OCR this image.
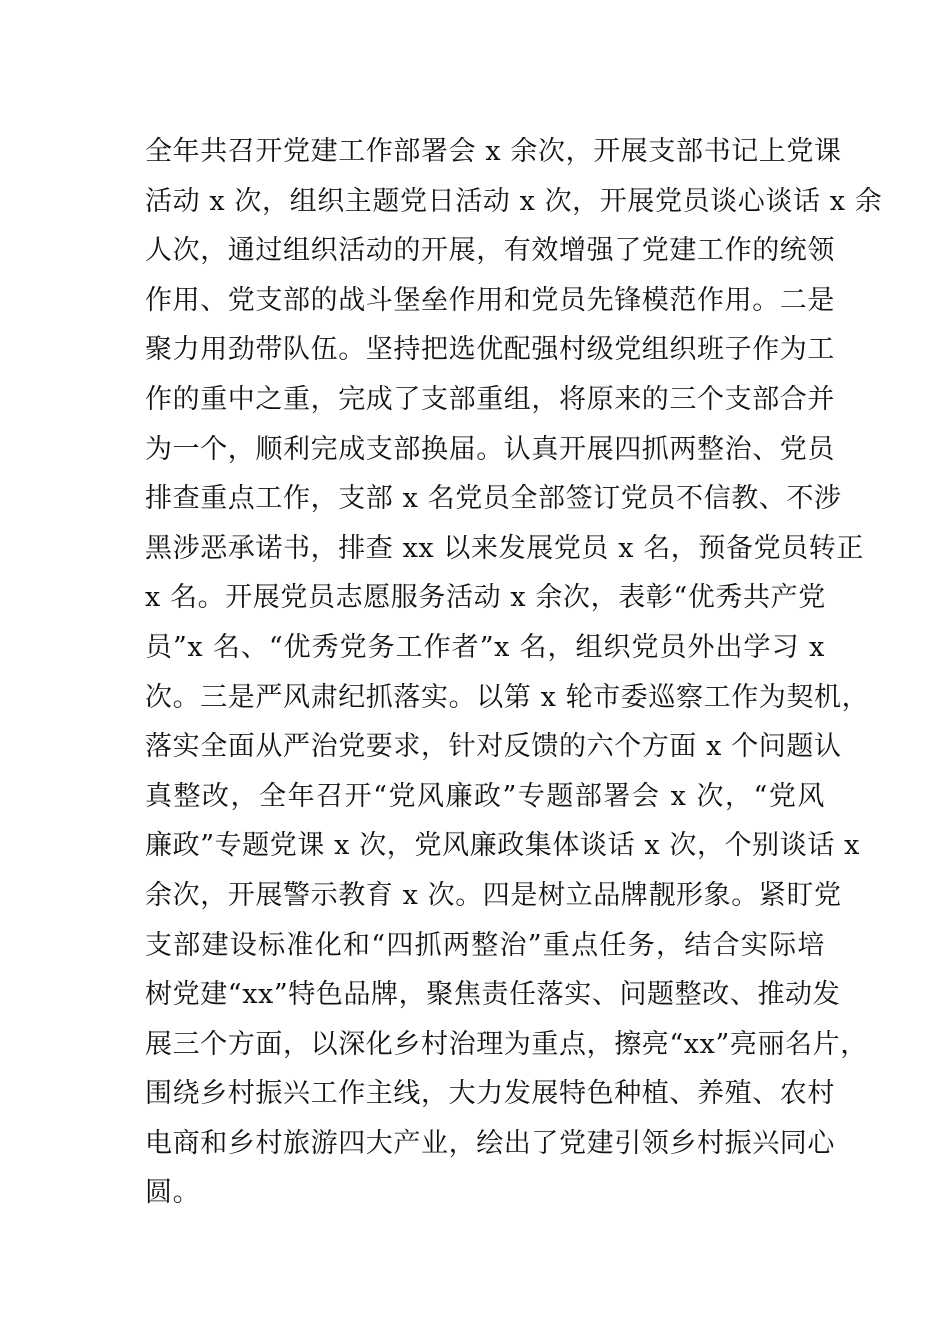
全年共召开党建工作部署会 x 余次，开展支部书记上党课
活动 x 次，组织主题党日活动 x 次，开展党员谈心谈话 x 余
人次，通过组织活动的开展，有效增强了党建工作的统领
作用、党支部的战斗堡垒作用和党员先锋模范作用。二是
聚力用劲带队伍。坚持把选优配强村级党组织班子作为工
作的重中之重，完成了支部重组，将原来的三个支部合并
为一个，顺利完成支部换届。认真开展四抓两整治、党员
排查重点工作，支部 x 名党员全部签订党员不信教、不涉
黑涉恶承诺书，排查 xx 以来发展党员 x 名，预备党员转正
x 名。开展党员志愿服务活动 x 余次，表彰“优秀共产党
员”x 名、“优秀党务工作者”x 名，组织党员外出学习 x
次。三是严风肃纪抓落实。以第 x 轮市委巡察工作为契机，
落实全面从严治党要求，针对反馈的六个方面 x 个问题认
真整改，全年召开“党风廉政”专题部署会 x 次，“党风
廉政”专题党课 x 次，党风廉政集体谈话 x 次，个别谈话 x
余次，开展警示教育 x 次。四是树立品牌靓形象。紧盯党
支部建设标准化和“四抓两整治”重点任务，结合实际培
树党建“xx”特色品牌，聚焦责任落实、问题整改、推动发
展三个方面，以深化乡村治理为重点，擦亮“xx”亮丽名片，
围绕乡村振兴工作主线，大力发展特色种植、养殖、农村
电商和乡村旅游四大产业，绘出了党建引领乡村振兴同心
圆。
